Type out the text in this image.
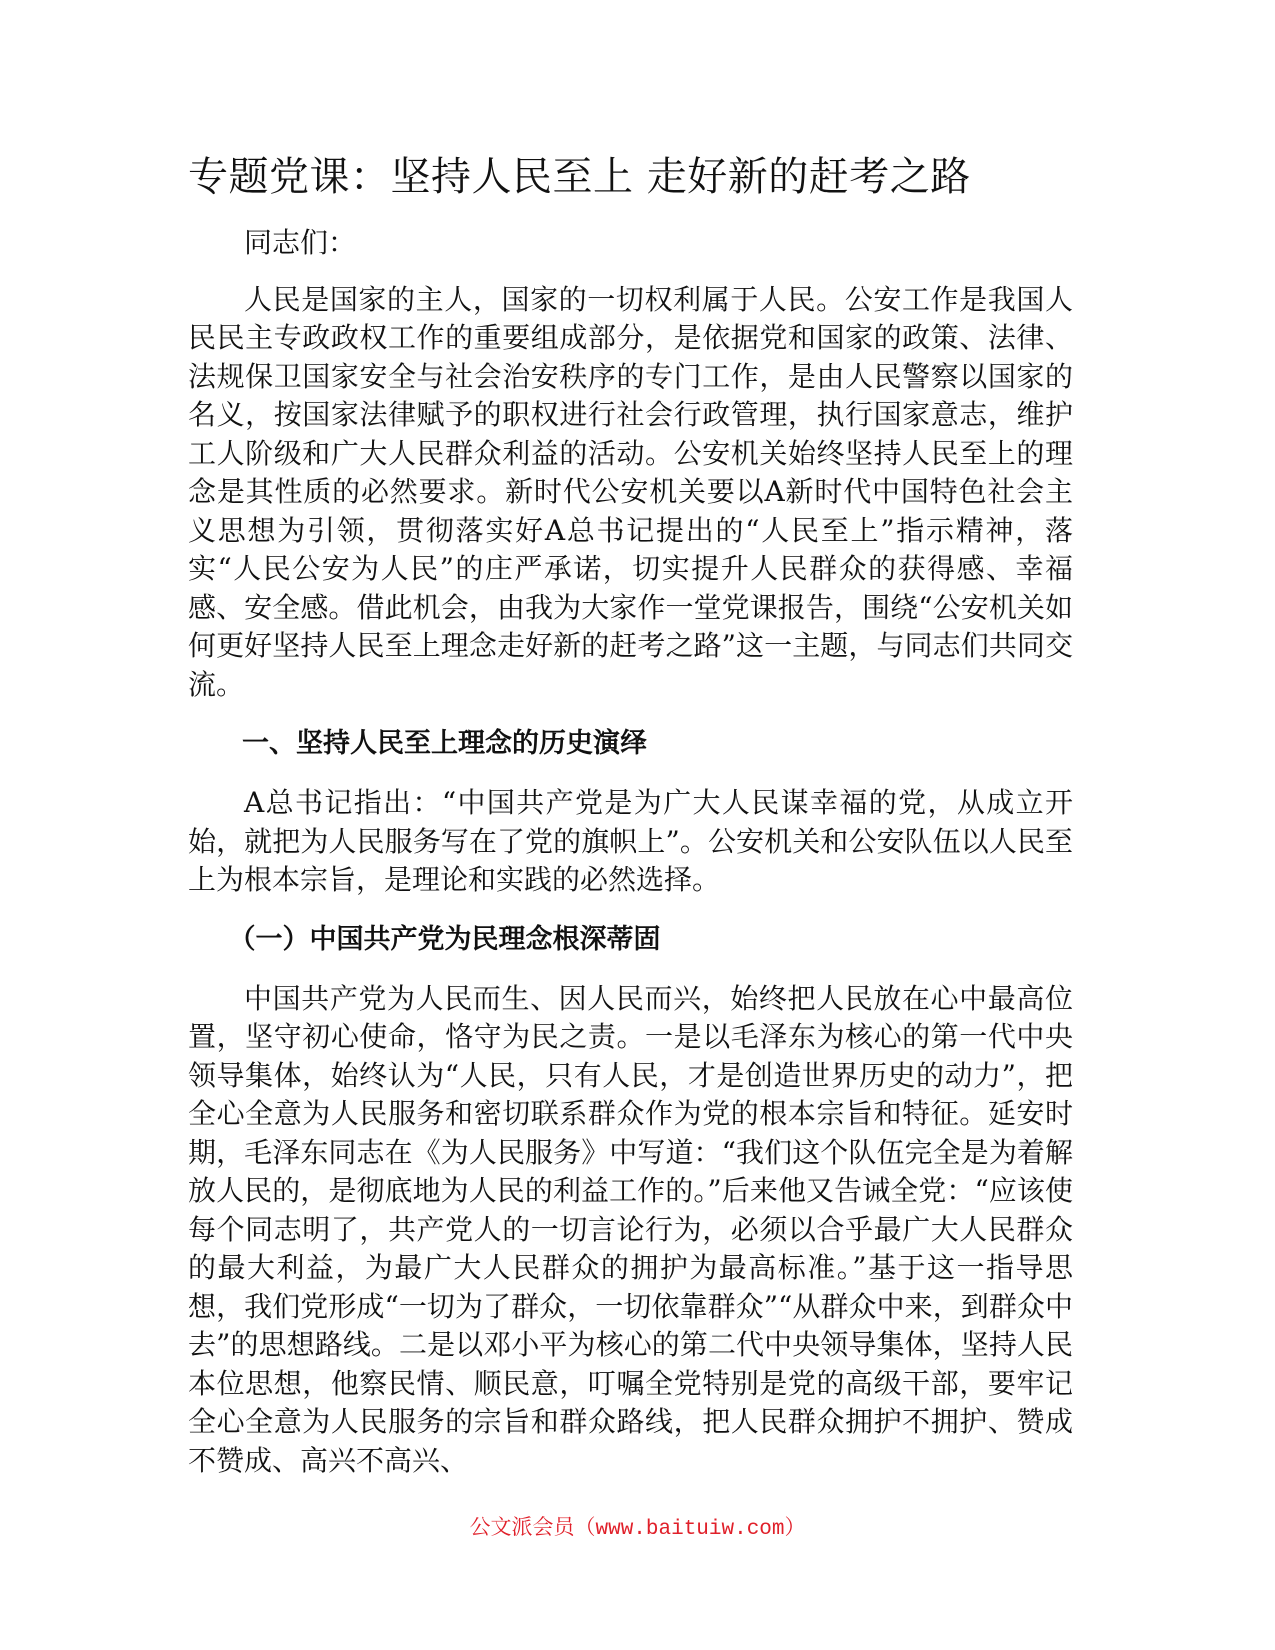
专题党课：坚持人民至上 走好新的赶考之路

同志们：

人民是国家的主人，国家的一切权利属于人民。公安工作是我国人民民主专政政权工作的重要组成部分，是依据党和国家的政策、法律、法规保卫国家安全与社会治安秩序的专门工作，是由人民警察以国家的名义，按国家法律赋予的职权进行社会行政管理，执行国家意志，维护工人阶级和广大人民群众利益的活动。公安机关始终坚持人民至上的理念是其性质的必然要求。新时代公安机关要以A新时代中国特色社会主义思想为引领，贯彻落实好A总书记提出的“人民至上”指示精神，落实“人民公安为人民”的庄严承诺，切实提升人民群众的获得感、幸福感、安全感。借此机会，由我为大家作一堂党课报告，围绕“公安机关如何更好坚持人民至上理念走好新的赶考之路”这一主题，与同志们共同交流。

一、坚持人民至上理念的历史演绎

A总书记指出：“中国共产党是为广大人民谋幸福的党，从成立开始，就把为人民服务写在了党的旗帜上”。公安机关和公安队伍以人民至上为根本宗旨，是理论和实践的必然选择。

（一）中国共产党为民理念根深蒂固

中国共产党为人民而生、因人民而兴，始终把人民放在心中最高位置，坚守初心使命，恪守为民之责。一是以毛泽东为核心的第一代中央领导集体，始终认为“人民，只有人民，才是创造世界历史的动力”，把全心全意为人民服务和密切联系群众作为党的根本宗旨和特征。延安时期，毛泽东同志在《为人民服务》中写道：“我们这个队伍完全是为着解放人民的，是彻底地为人民的利益工作的。”后来他又告诫全党：“应该使每个同志明了，共产党人的一切言论行为，必须以合乎最广大人民群众的最大利益，为最广大人民群众的拥护为最高标准。”基于这一指导思想，我们党形成“一切为了群众，一切依靠群众”“从群众中来，到群众中去”的思想路线。二是以邓小平为核心的第二代中央领导集体，坚持人民本位思想，他察民情、顺民意，叮嘱全党特别是党的高级干部，要牢记全心全意为人民服务的宗旨和群众路线，把人民群众拥护不拥护、赞成不赞成、高兴不高兴、

公文派会员（www.baituiw.com）
